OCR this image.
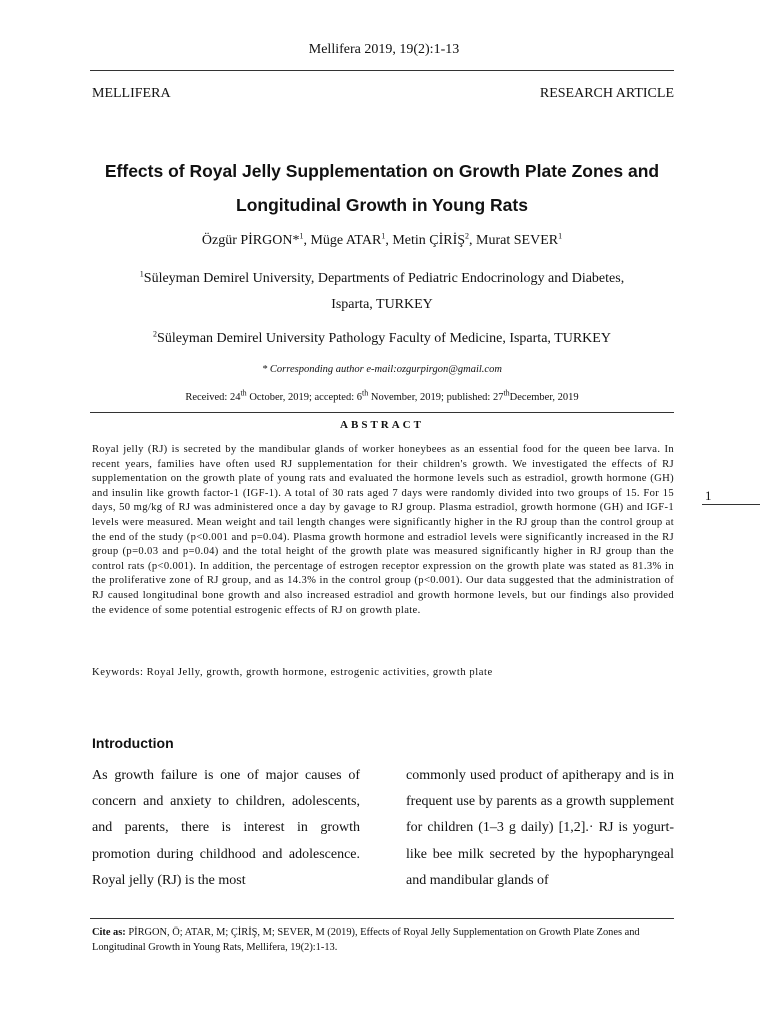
Mellifera 2019, 19(2):1-13
MELLIFERA	RESEARCH ARTICLE
Effects of Royal Jelly Supplementation on Growth Plate Zones and
Longitudinal Growth in Young Rats
Özgür PİRGON*$^1$, Müge ATAR$^1$, Metin ÇİRİŞ$^2$, Murat SEVER$^1$
$^1$Süleyman Demirel University, Departments of Pediatric Endocrinology and Diabetes,
Isparta, TURKEY
$^2$Süleyman Demirel University Pathology Faculty of Medicine, Isparta, TURKEY
* Corresponding author e-mail:ozgurpirgon@gmail.com
Received: 24th October, 2019; accepted: 6th November, 2019; published: 27thDecember, 2019
ABSTRACT
Royal jelly (RJ) is secreted by the mandibular glands of worker honeybees as an essential food for the queen bee larva. In recent years, families have often used RJ supplementation for their children's growth. We investigated the effects of RJ supplementation on the growth plate of young rats and evaluated the hormone levels such as estradiol, growth hormone (GH) and insulin like growth factor-1 (IGF-1). A total of 30 rats aged 7 days were randomly divided into two groups of 15. For 15 days, 50 mg/kg of RJ was administered once a day by gavage to RJ group. Plasma estradiol, growth hormone (GH) and IGF-1 levels were measured. Mean weight and tail length changes were significantly higher in the RJ group than the control group at the end of the study (p<0.001 and p=0.04). Plasma growth hormone and estradiol levels were significantly increased in the RJ group (p=0.03 and p=0.04) and the total height of the growth plate was measured significantly higher in RJ group than the control rats (p<0.001). In addition, the percentage of estrogen receptor expression on the growth plate was stated as 81.3% in the proliferative zone of RJ group, and as 14.3% in the control group (p<0.001). Our data suggested that the administration of RJ caused longitudinal bone growth and also increased estradiol and growth hormone levels, but our findings also provided the evidence of some potential estrogenic effects of RJ on growth plate.
1
Keywords: Royal Jelly, growth, growth hormone, estrogenic activities, growth plate
Introduction

As growth failure is one of major causes of concern and anxiety to children, adolescents, and parents, there is interest in growth promotion during childhood and adolescence. Royal jelly (RJ) is the most

commonly used product of apitherapy and is in frequent use by parents as a growth supplement for children (1–3 g daily) [1,2].· RJ is yogurt-like bee milk secreted by the hypopharyngeal and mandibular glands of

Cite as: PİRGON, Ö; ATAR, M; ÇİRİŞ, M; SEVER, M (2019), Effects of Royal Jelly Supplementation on Growth Plate Zones and Longitudinal Growth in Young Rats, Mellifera, 19(2):1-13.
